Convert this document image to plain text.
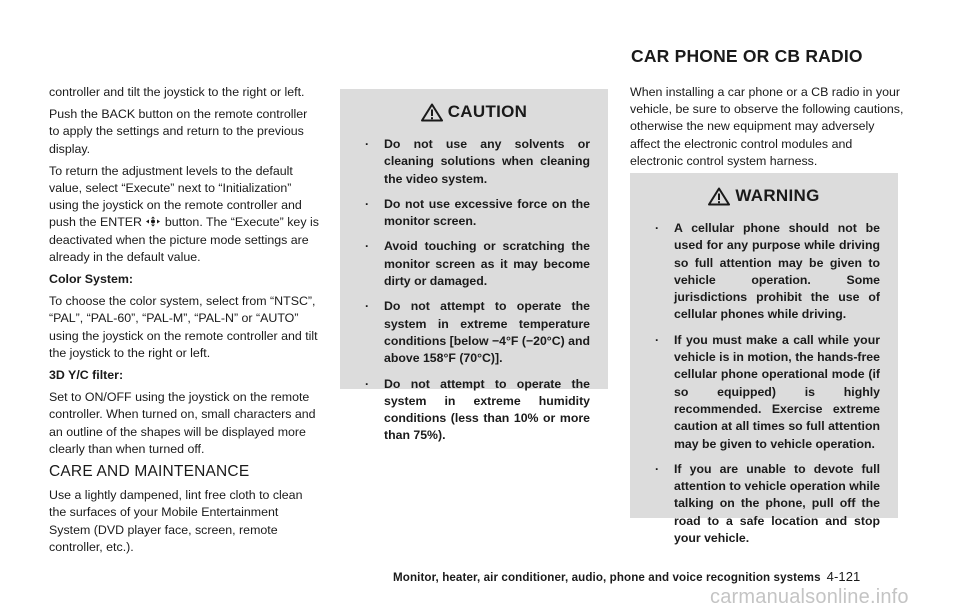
CAR PHONE OR CB RADIO

controller and tilt the joystick to the right or left.

Push the BACK button on the remote controller to apply the settings and return to the previous display.

To return the adjustment levels to the default value, select “Execute” next to “Initialization” using the joystick on the remote controller and push the ENTER  button. The “Execute” key is deactivated when the picture mode settings are already in the default value.

Color System:

To choose the color system, select from “NTSC”, “PAL”, “PAL-60”, “PAL-M”, “PAL-N” or “AUTO” using the joystick on the remote controller and tilt the joystick to the right or left.

3D Y/C filter:

Set to ON/OFF using the joystick on the remote controller. When turned on, small characters and an outline of the shapes will be displayed more clearly than when turned off.

CARE AND MAINTENANCE

Use a lightly dampened, lint free cloth to clean the surfaces of your Mobile Entertainment System (DVD player face, screen, remote controller, etc.).

CAUTION
. Do not use any solvents or cleaning solutions when cleaning the video system.
. Do not use excessive force on the monitor screen.
. Avoid touching or scratching the monitor screen as it may become dirty or damaged.
. Do not attempt to operate the system in extreme temperature conditions [below −4°F (−20°C) and above 158°F (70°C)].
. Do not attempt to operate the system in extreme humidity conditions (less than 10% or more than 75%).

When installing a car phone or a CB radio in your vehicle, be sure to observe the following cautions, otherwise the new equipment may adversely affect the electronic control modules and electronic control system harness.

WARNING
. A cellular phone should not be used for any purpose while driving so full attention may be given to vehicle operation. Some jurisdictions prohibit the use of cellular phones while driving.
. If you must make a call while your vehicle is in motion, the hands-free cellular phone operational mode (if so equipped) is highly recommended. Exercise extreme caution at all times so full attention may be given to vehicle operation.
. If you are unable to devote full attention to vehicle operation while talking on the phone, pull off the road to a safe location and stop your vehicle.
Monitor, heater, air conditioner, audio, phone and voice recognition systems 4-121
carmanualsonline.info
